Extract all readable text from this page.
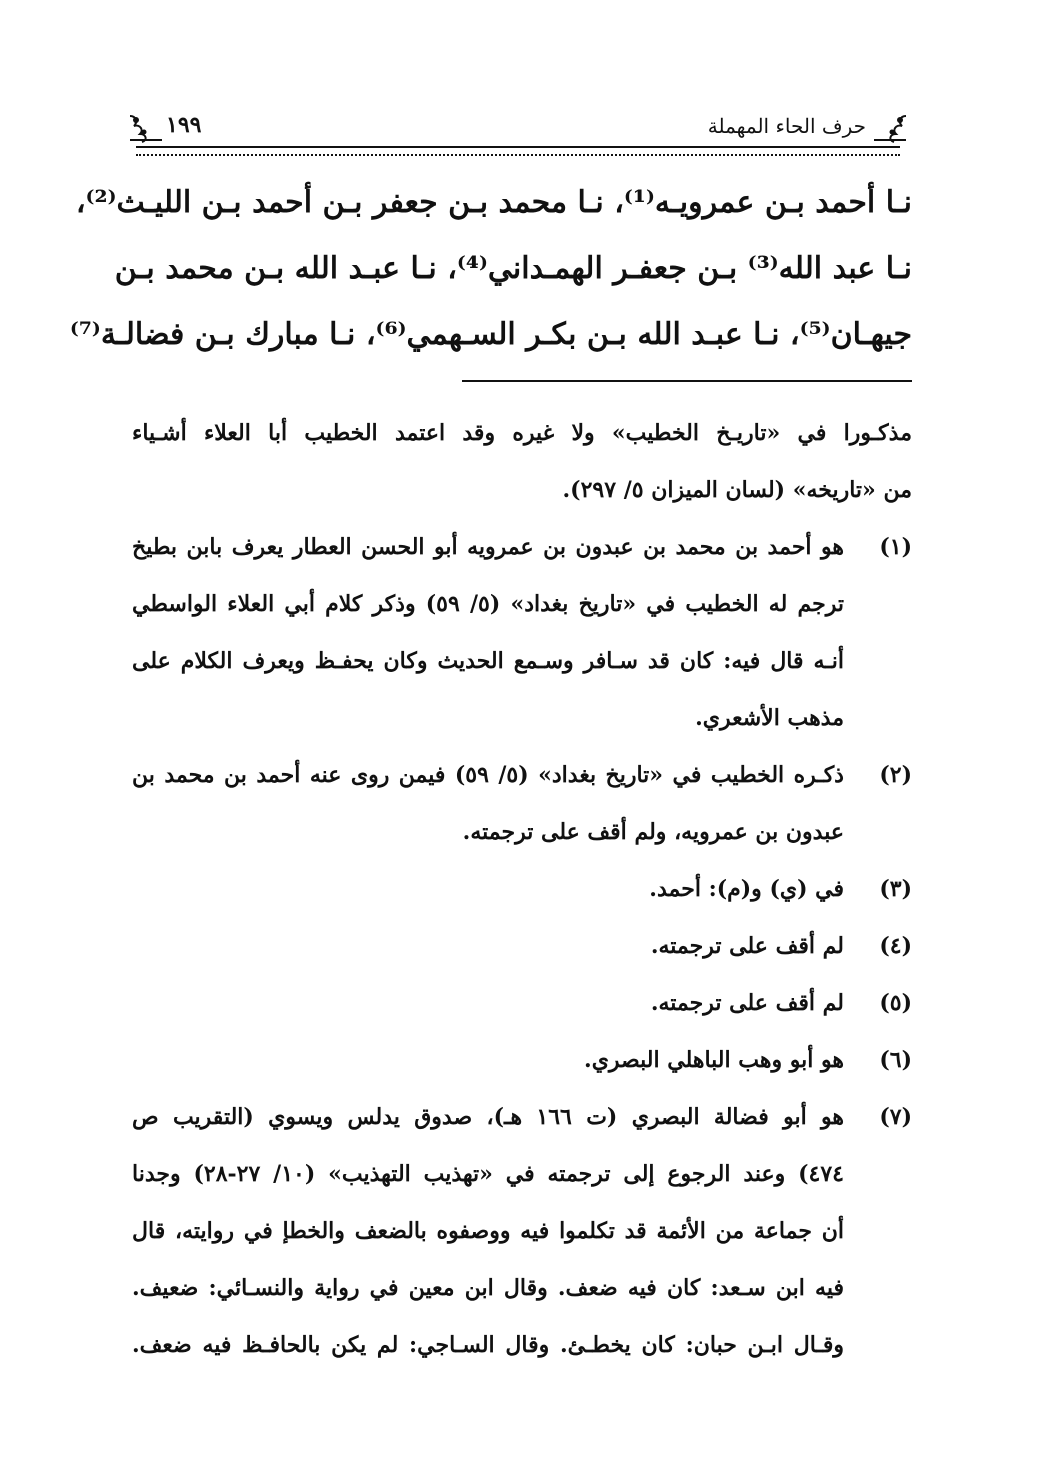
حرف الحاء المهملة
١٩٩
نـا أحمد بـن عمرويـه⁽¹⁾، نـا محمد بـن جعفر بـن أحمد بـن الليـث⁽²⁾،
نـا عبد الله⁽³⁾ بـن جعفـر الهمـداني⁽⁴⁾، نـا عبـد الله بـن محمد بـن
جيهـان⁽⁵⁾، نـا عبـد الله بـن بكـر السـهمي⁽⁶⁾، نـا مبارك بـن فضالـة⁽⁷⁾
مذكـورا في «تاريـخ الخطيب» ولا غيره وقد اعتمد الخطيب أبا العلاء أشـياء
من «تاريخه» (لسان الميزان ٥/ ٢٩٧).
(١)
هو أحمد بن محمد بن عبدون بن عمرويه أبو الحسن العطار يعرف بابن بطيخ
ترجم له الخطيب في «تاريخ بغداد» (٥/ ٥٩) وذكر كلام أبي العلاء الواسطي
أنـه قال فيه: كان قد سـافر وسـمع الحديث وكان يحفـظ ويعرف الكلام على
مذهب الأشعري.
(٢)
ذكـره الخطيب في «تاريخ بغداد» (٥/ ٥٩) فيمن روى عنه أحمد بن محمد بن
عبدون بن عمرويه، ولم أقف على ترجمته.
(٣)
في (ي) و(م): أحمد.
(٤)
لم أقف على ترجمته.
(٥)
لم أقف على ترجمته.
(٦)
هو أبو وهب الباهلي البصري.
(٧)
هو أبو فضالة البصري (ت ١٦٦ هـ)، صدوق يدلس ويسوي (التقريب ص
٤٧٤) وعند الرجوع إلى ترجمته في «تهذيب التهذيب» (١٠/ ٢٧-٢٨) وجدنا
أن جماعة من الأئمة قد تكلموا فيه ووصفوه بالضعف والخطإ في روايته، قال
فيه ابن سـعد: كان فيه ضعف. وقال ابن معين في رواية والنسـائي: ضعيف.
وقـال ابـن حبان: كان يخطـئ. وقال السـاجي: لم يكن بالحافـظ فيه ضعف.
